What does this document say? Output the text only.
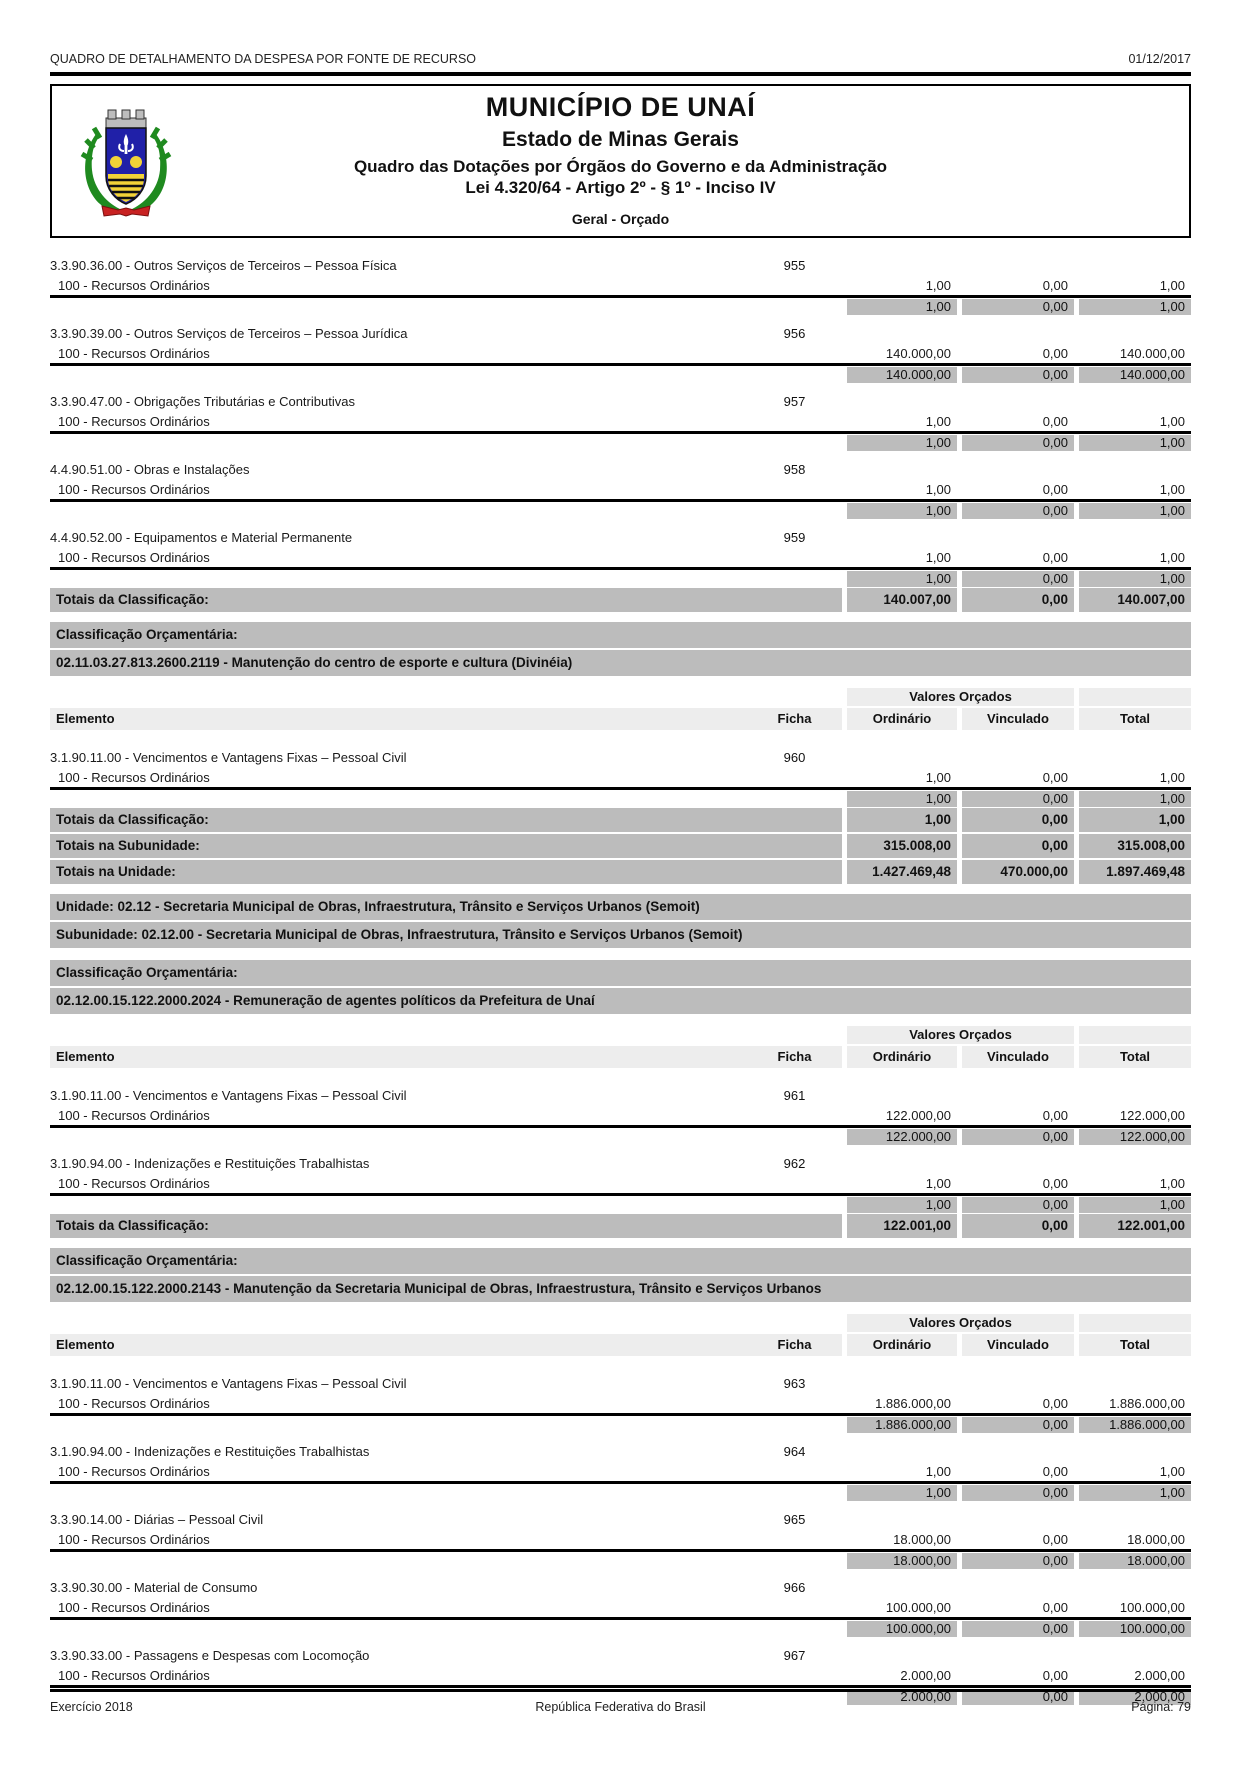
QUADRO DE DETALHAMENTO DA DESPESA POR FONTE DE RECURSO	01/12/2017
MUNICÍPIO DE UNAÍ
Estado de Minas Gerais
Quadro das Dotações por Órgãos do Governo e da Administração
Lei 4.320/64 - Artigo 2º - § 1º - Inciso IV
Geral - Orçado
3.3.90.36.00 - Outros Serviços de Terceiros – Pessoa Física	955
100 - Recursos Ordinários	1,00	0,00	1,00
1,00	0,00	1,00
3.3.90.39.00 - Outros Serviços de Terceiros – Pessoa Jurídica	956
100 - Recursos Ordinários	140.000,00	0,00	140.000,00
140.000,00	0,00	140.000,00
3.3.90.47.00 - Obrigações Tributárias e Contributivas	957
100 - Recursos Ordinários	1,00	0,00	1,00
1,00	0,00	1,00
4.4.90.51.00 - Obras e Instalações	958
100 - Recursos Ordinários	1,00	0,00	1,00
1,00	0,00	1,00
4.4.90.52.00 - Equipamentos e Material Permanente	959
100 - Recursos Ordinários	1,00	0,00	1,00
1,00	0,00	1,00
Totais da Classificação:	140.007,00	0,00	140.007,00
Classificação Orçamentária:
02.11.03.27.813.2600.2119 - Manutenção do centro de esporte e cultura (Divinéia)
Valores Orçados
Elemento	Ficha	Ordinário	Vinculado	Total
3.1.90.11.00 - Vencimentos e Vantagens Fixas – Pessoal Civil	960
100 - Recursos Ordinários	1,00	0,00	1,00
1,00	0,00	1,00
Totais da Classificação:	1,00	0,00	1,00
Totais na Subunidade:	315.008,00	0,00	315.008,00
Totais na Unidade:	1.427.469,48	470.000,00	1.897.469,48
Unidade: 02.12 - Secretaria Municipal de Obras, Infraestrutura, Trânsito e Serviços Urbanos (Semoit)
Subunidade: 02.12.00 - Secretaria Municipal de Obras, Infraestrutura, Trânsito e Serviços Urbanos (Semoit)
Classificação Orçamentária:
02.12.00.15.122.2000.2024 - Remuneração de agentes políticos da Prefeitura de Unaí
Valores Orçados
Elemento	Ficha	Ordinário	Vinculado	Total
3.1.90.11.00 - Vencimentos e Vantagens Fixas – Pessoal Civil	961
100 - Recursos Ordinários	122.000,00	0,00	122.000,00
122.000,00	0,00	122.000,00
3.1.90.94.00 - Indenizações e Restituições Trabalhistas	962
100 - Recursos Ordinários	1,00	0,00	1,00
1,00	0,00	1,00
Totais da Classificação:	122.001,00	0,00	122.001,00
Classificação Orçamentária:
02.12.00.15.122.2000.2143 - Manutenção da Secretaria Municipal de Obras, Infraestrustura, Trânsito e Serviços Urbanos
Valores Orçados
Elemento	Ficha	Ordinário	Vinculado	Total
3.1.90.11.00 - Vencimentos e Vantagens Fixas – Pessoal Civil	963
100 - Recursos Ordinários	1.886.000,00	0,00	1.886.000,00
1.886.000,00	0,00	1.886.000,00
3.1.90.94.00 - Indenizações e Restituições Trabalhistas	964
100 - Recursos Ordinários	1,00	0,00	1,00
1,00	0,00	1,00
3.3.90.14.00 - Diárias – Pessoal Civil	965
100 - Recursos Ordinários	18.000,00	0,00	18.000,00
18.000,00	0,00	18.000,00
3.3.90.30.00 - Material de Consumo	966
100 - Recursos Ordinários	100.000,00	0,00	100.000,00
100.000,00	0,00	100.000,00
3.3.90.33.00 - Passagens e Despesas com Locomoção	967
100 - Recursos Ordinários	2.000,00	0,00	2.000,00
2.000,00	0,00	2.000,00
Exercício 2018	República Federativa do Brasil	Página: 79
